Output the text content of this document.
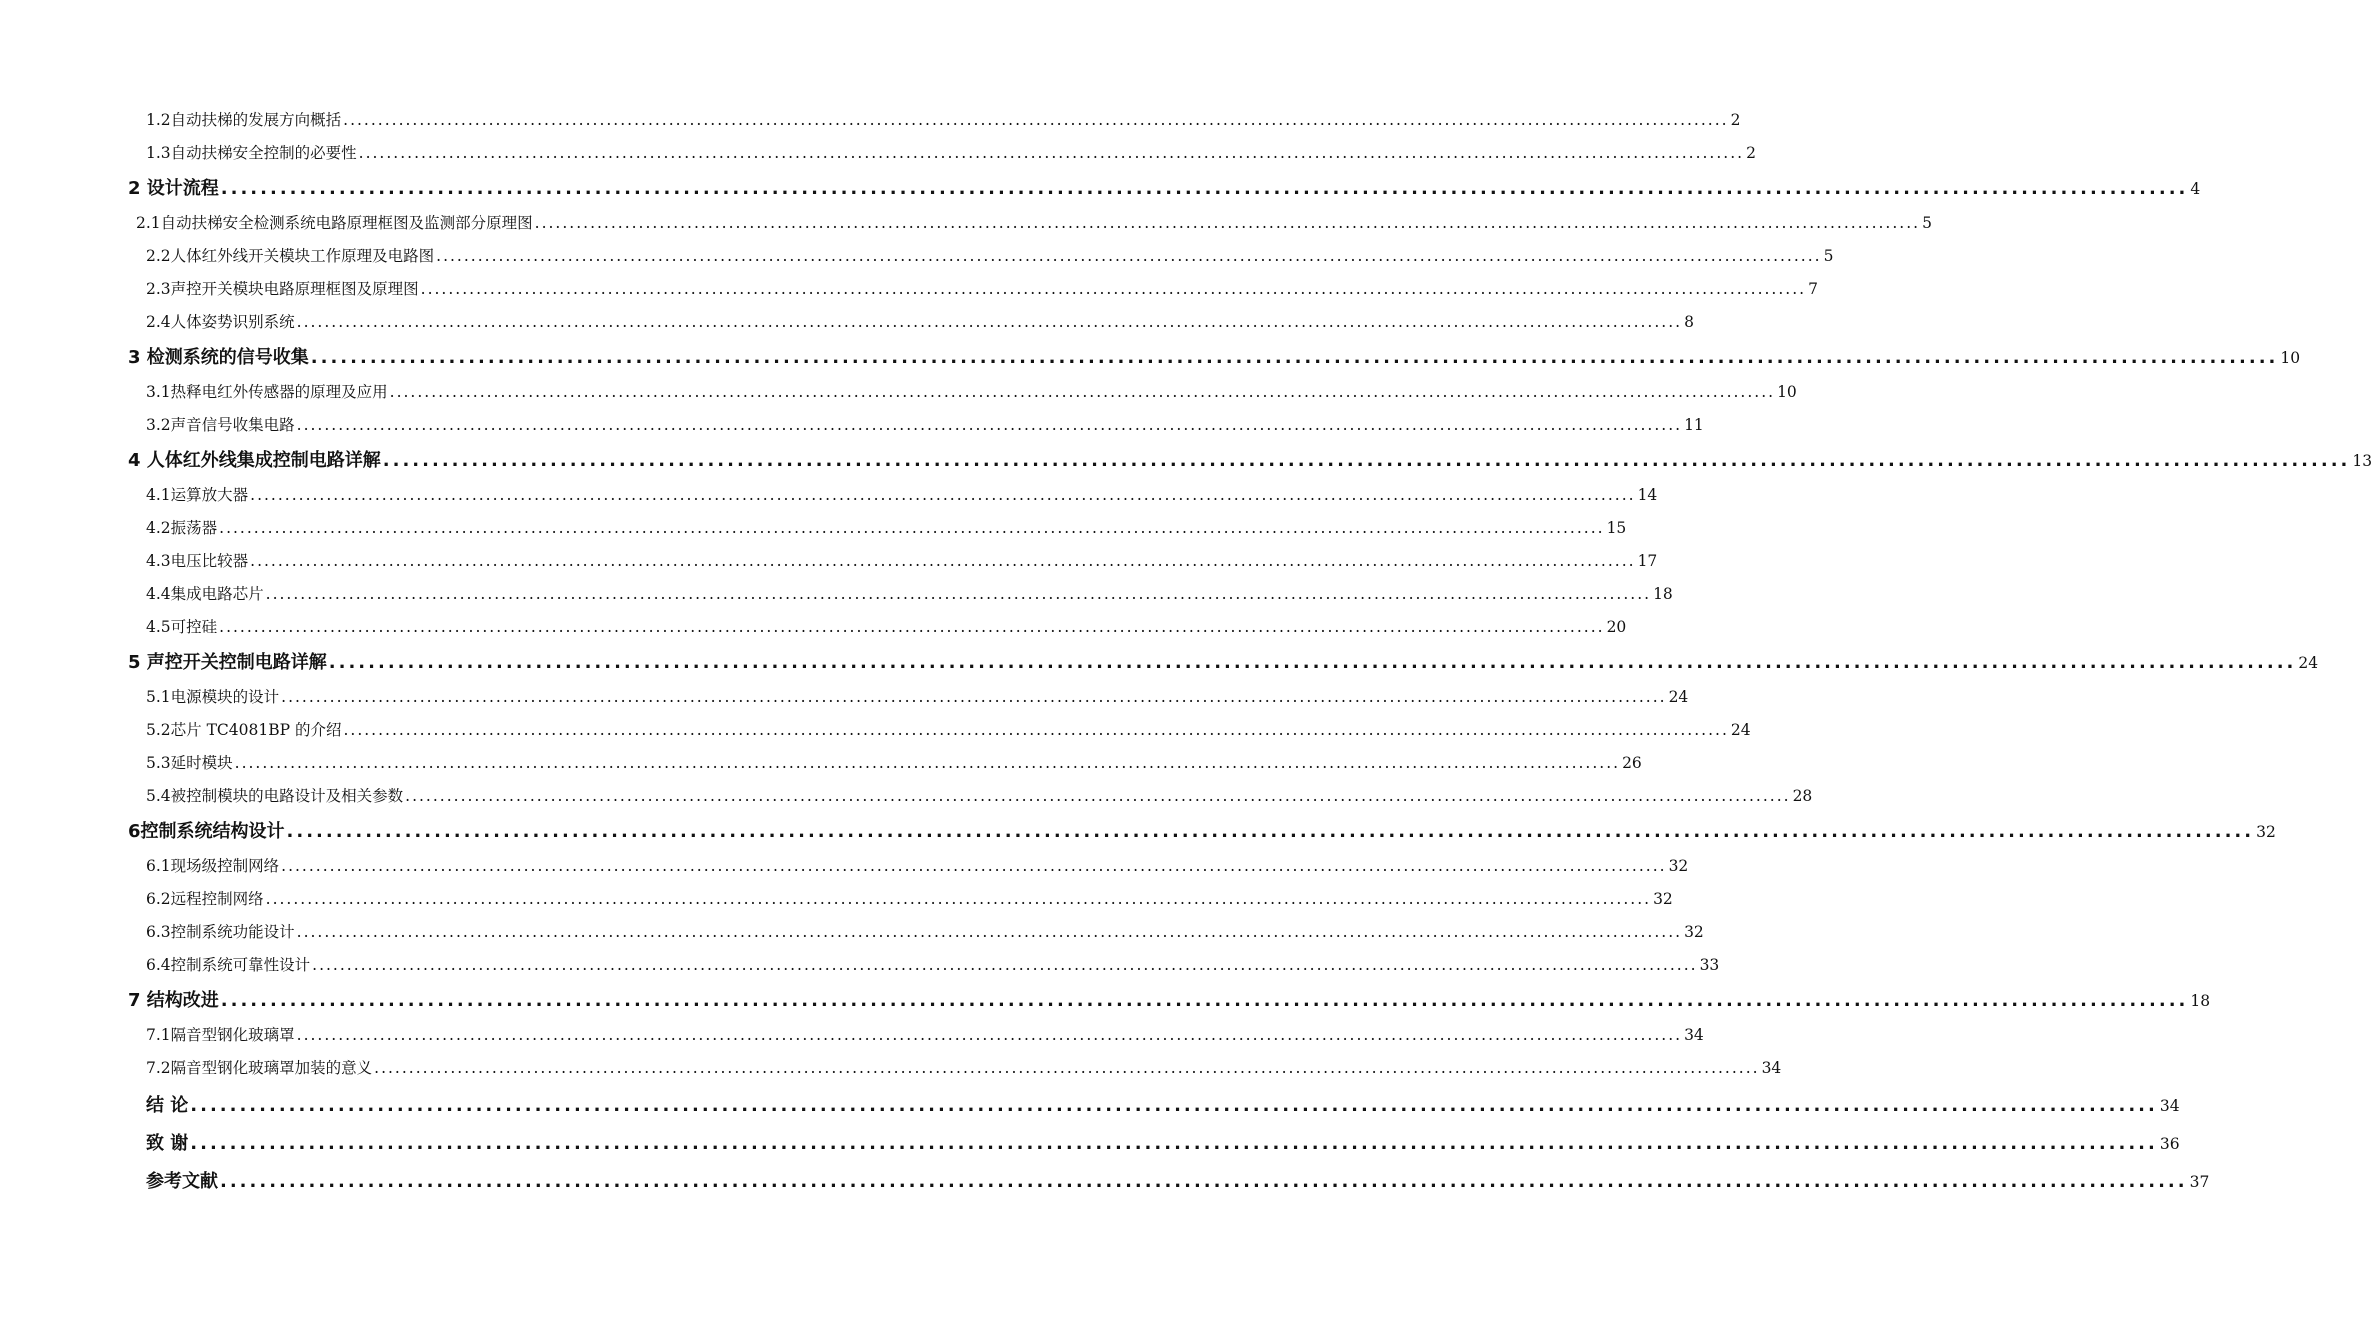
1.2自动扶梯的发展方向概括 ........................................................................................................................................................................................................ 2
1.3自动扶梯安全控制的必要性 ........................................................................................................................................................................................................ 2
2 设计流程 ........................................................................................................................................................................................................ 4
2.1自动扶梯安全检测系统电路原理框图及监测部分原理图 ........................................................................................................................................................................................................ 5
2.2人体红外线开关模块工作原理及电路图 ........................................................................................................................................................................................................ 5
2.3声控开关模块电路原理框图及原理图 ........................................................................................................................................................................................................ 7
2.4人体姿势识别系统 ........................................................................................................................................................................................................ 8
3 检测系统的信号收集 ........................................................................................................................................................................................................ 10
3.1热释电红外传感器的原理及应用 ........................................................................................................................................................................................................ 10
3.2声音信号收集电路 ........................................................................................................................................................................................................ 11
4 人体红外线集成控制电路详解 ........................................................................................................................................................................................................ 13
4.1运算放大器 ........................................................................................................................................................................................................ 14
4.2振荡器 ........................................................................................................................................................................................................ 15
4.3电压比较器 ........................................................................................................................................................................................................ 17
4.4集成电路芯片 ........................................................................................................................................................................................................ 18
4.5可控硅 ........................................................................................................................................................................................................ 20
5 声控开关控制电路详解 ........................................................................................................................................................................................................ 24
5.1电源模块的设计 ........................................................................................................................................................................................................ 24
5.2芯片 TC4081BP 的介绍 ........................................................................................................................................................................................................ 24
5.3延时模块 ........................................................................................................................................................................................................ 26
5.4被控制模块的电路设计及相关参数 ........................................................................................................................................................................................................ 28
6控制系统结构设计 ........................................................................................................................................................................................................ 32
6.1现场级控制网络 ........................................................................................................................................................................................................ 32
6.2远程控制网络 ........................................................................................................................................................................................................ 32
6.3控制系统功能设计 ........................................................................................................................................................................................................ 32
6.4控制系统可靠性设计 ........................................................................................................................................................................................................ 33
7 结构改进 ........................................................................................................................................................................................................ 18
7.1隔音型钢化玻璃罩 ........................................................................................................................................................................................................ 34
7.2隔音型钢化玻璃罩加装的意义 ........................................................................................................................................................................................................ 34
结 论 ........................................................................................................................................................................................................ 34
致 谢 ........................................................................................................................................................................................................ 36
参考文献 ........................................................................................................................................................................................................ 37
